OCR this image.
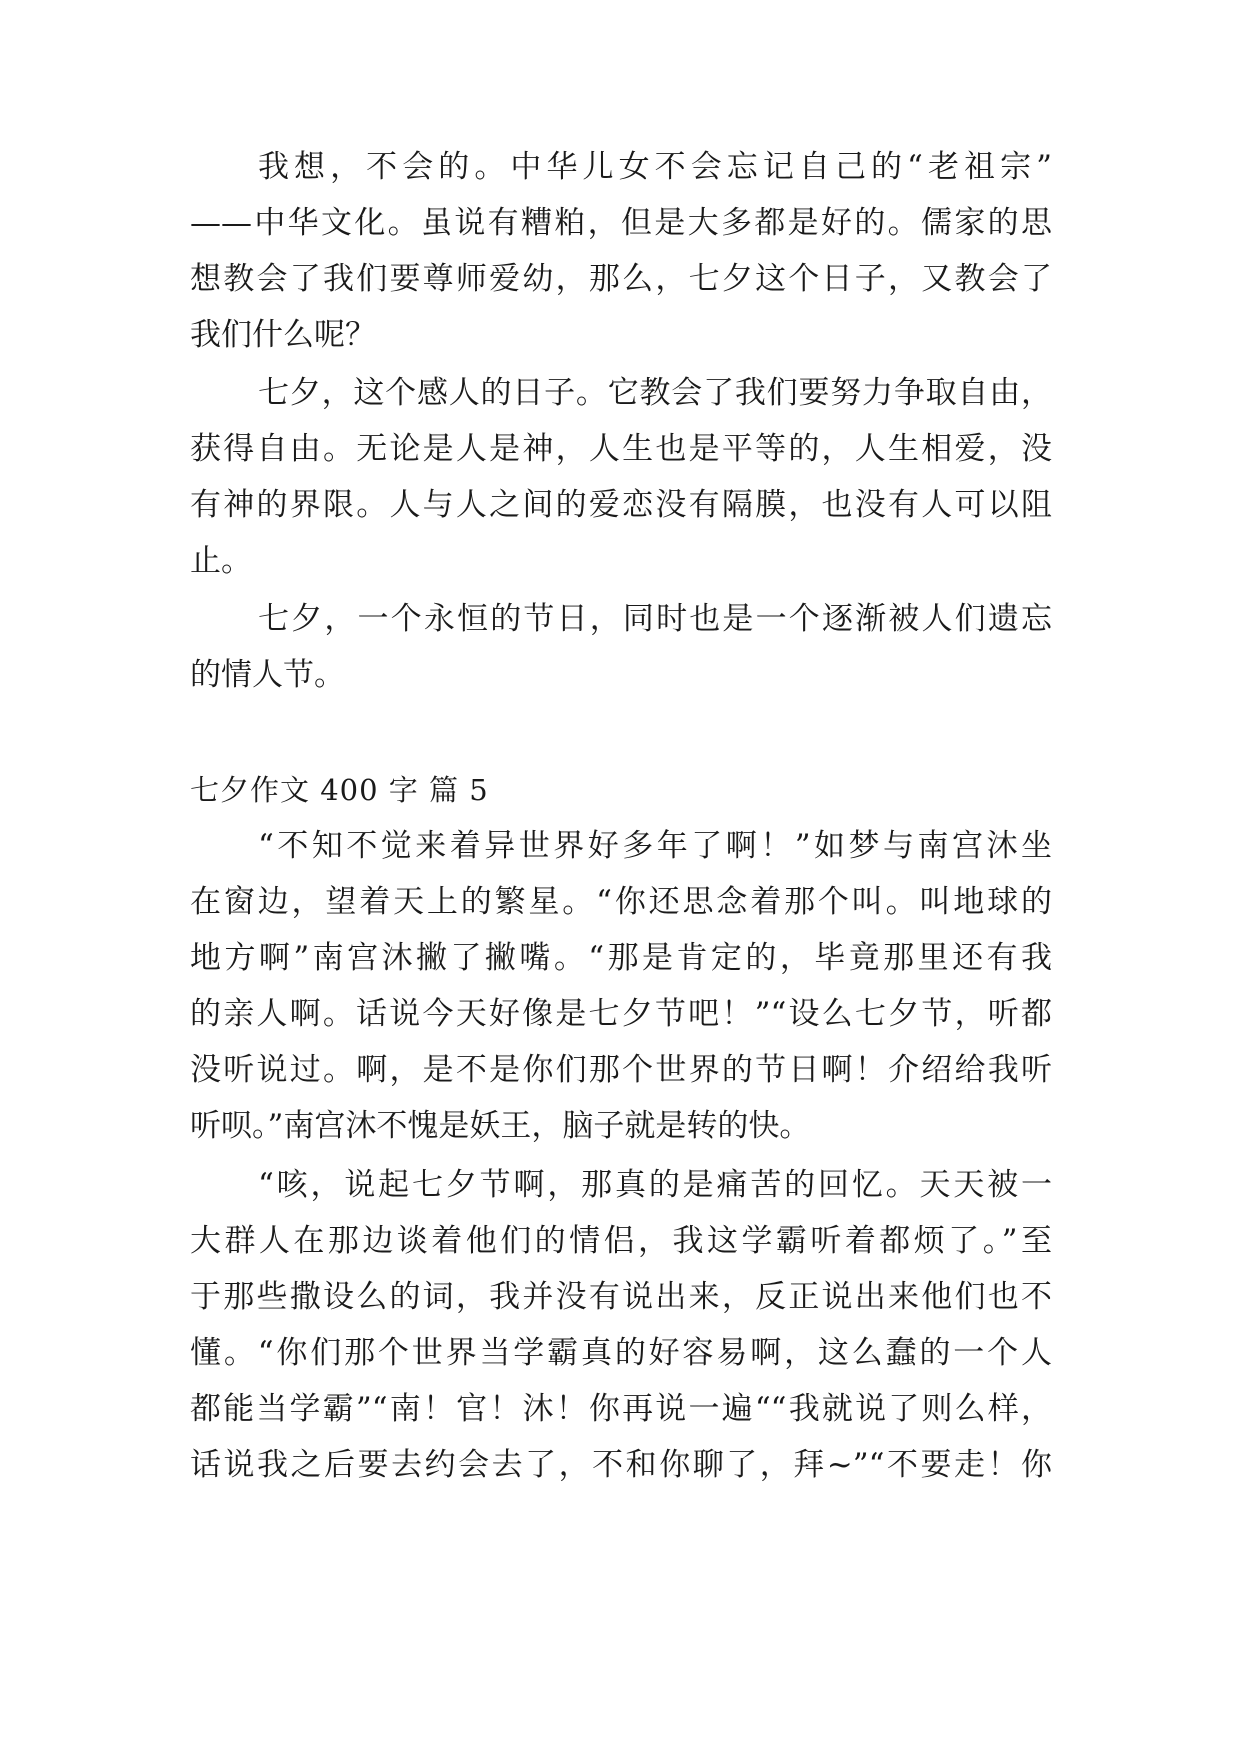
我想，不会的。中华儿女不会忘记自己的“老祖宗”
——中华文化。虽说有糟粕，但是大多都是好的。儒家的思
想教会了我们要尊师爱幼，那么，七夕这个日子，又教会了
我们什么呢？
七夕，这个感人的日子。它教会了我们要努力争取自由，
获得自由。无论是人是神，人生也是平等的，人生相爱，没
有神的界限。人与人之间的爱恋没有隔膜，也没有人可以阻
止。
七夕，一个永恒的节日，同时也是一个逐渐被人们遗忘
的情人节。
七夕作文 400 字 篇 5
“不知不觉来着异世界好多年了啊！”如梦与南宫沐坐
在窗边，望着天上的繁星。“你还思念着那个叫。叫地球的
地方啊”南宫沐撇了撇嘴。“那是肯定的，毕竟那里还有我
的亲人啊。话说今天好像是七夕节吧！”“设么七夕节，听都
没听说过。啊，是不是你们那个世界的节日啊！介绍给我听
听呗。”南宫沐不愧是妖王，脑子就是转的快。
“咳，说起七夕节啊，那真的是痛苦的回忆。天天被一
大群人在那边谈着他们的情侣，我这学霸听着都烦了。”至
于那些撒设么的词，我并没有说出来，反正说出来他们也不
懂。“你们那个世界当学霸真的好容易啊，这么蠢的一个人
都能当学霸”“南！官！沐！你再说一遍““我就说了则么样，
话说我之后要去约会去了，不和你聊了，拜~”“不要走！你
